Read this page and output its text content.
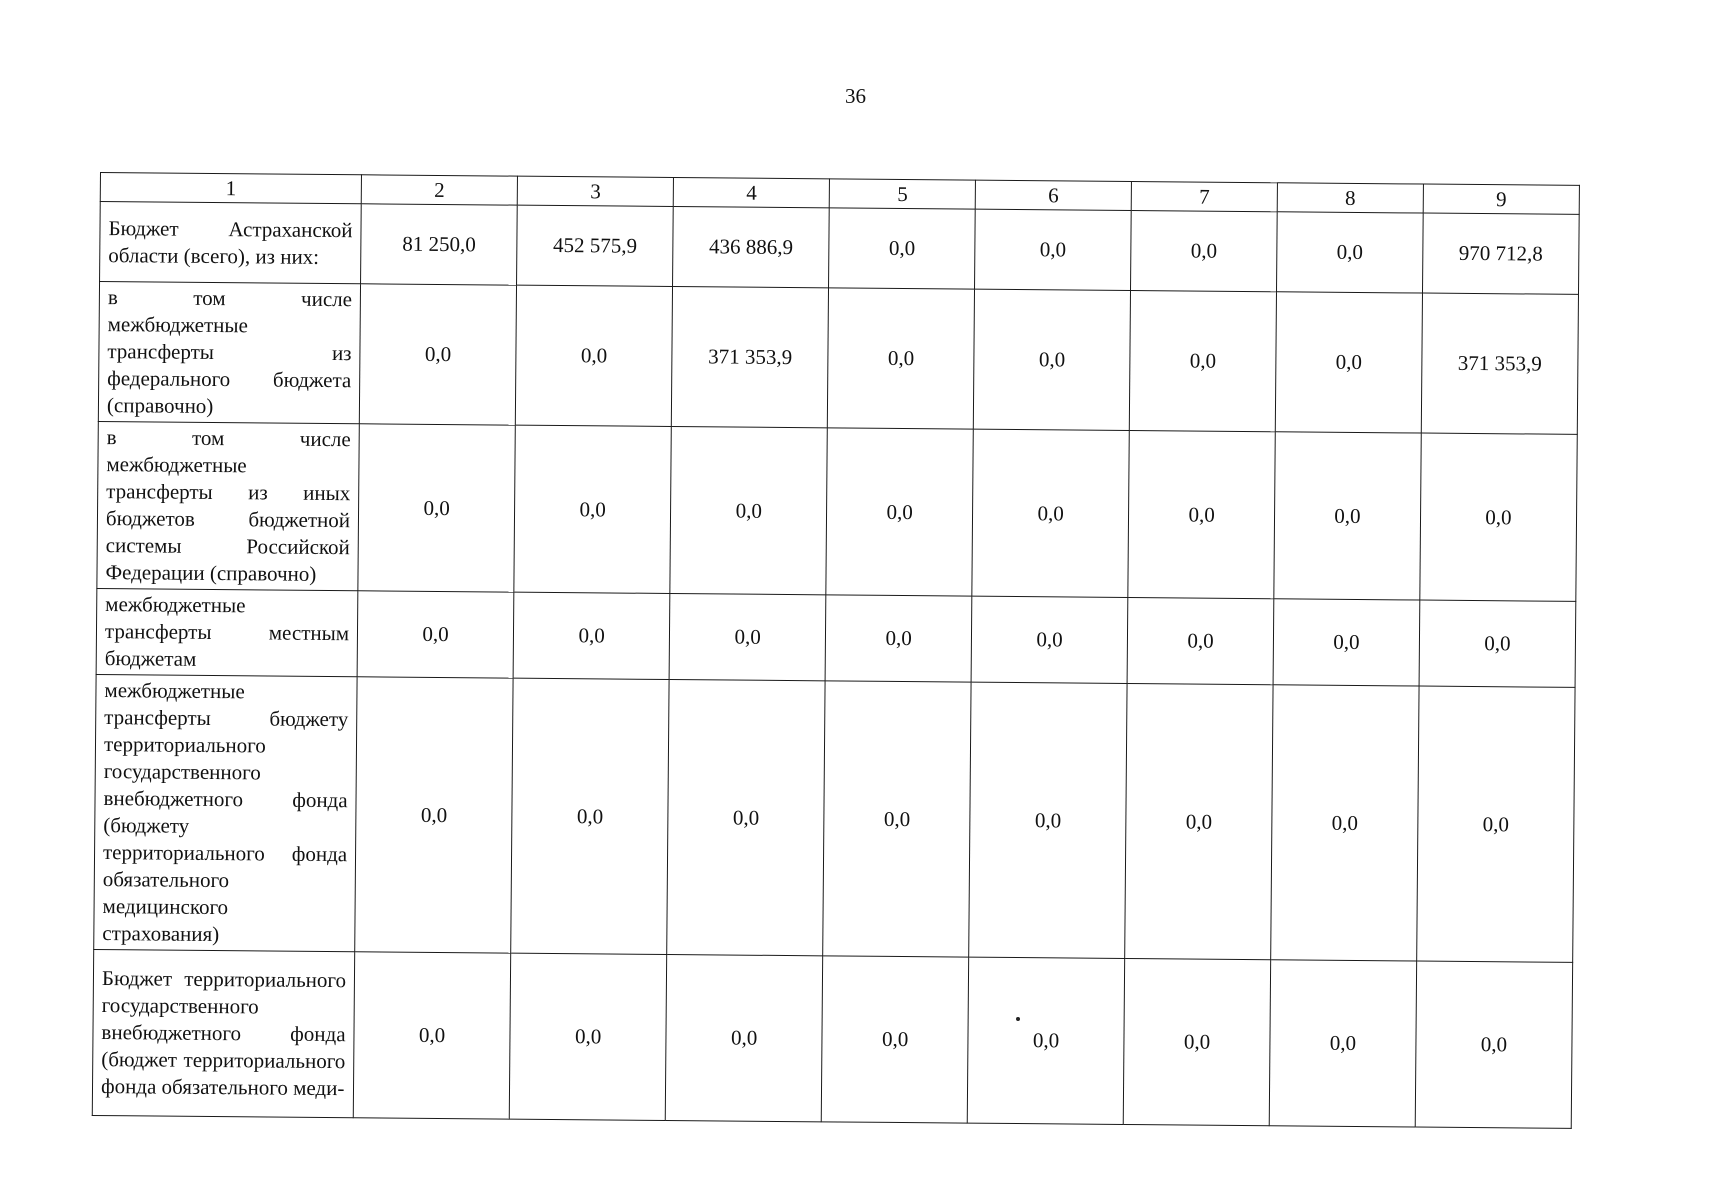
36
1	2	3	4	5	6	7	8	9
Бюджет Астраханской области (всего), из них:	81 250,0	452 575,9	436 886,9	0,0	0,0	0,0	0,0	970 712,8
в том числе межбюджетные трансферты из федерального бюджета (справочно)	0,0	0,0	371 353,9	0,0	0,0	0,0	0,0	371 353,9
в том числе межбюджетные трансферты из иных бюджетов бюджетной системы Российской Федерации (справочно)	0,0	0,0	0,0	0,0	0,0	0,0	0,0	0,0
межбюджетные трансферты местным бюджетам	0,0	0,0	0,0	0,0	0,0	0,0	0,0	0,0
межбюджетные трансферты бюджету территориального государственного внебюджетного фонда (бюджету территориального фонда обязательного медицинского страхования)	0,0	0,0	0,0	0,0	0,0	0,0	0,0	0,0
Бюджет территориального государственного внебюджетного фонда (бюджет территориального фонда обязательного меди-	0,0	0,0	0,0	0,0	0,0	0,0	0,0	0,0
